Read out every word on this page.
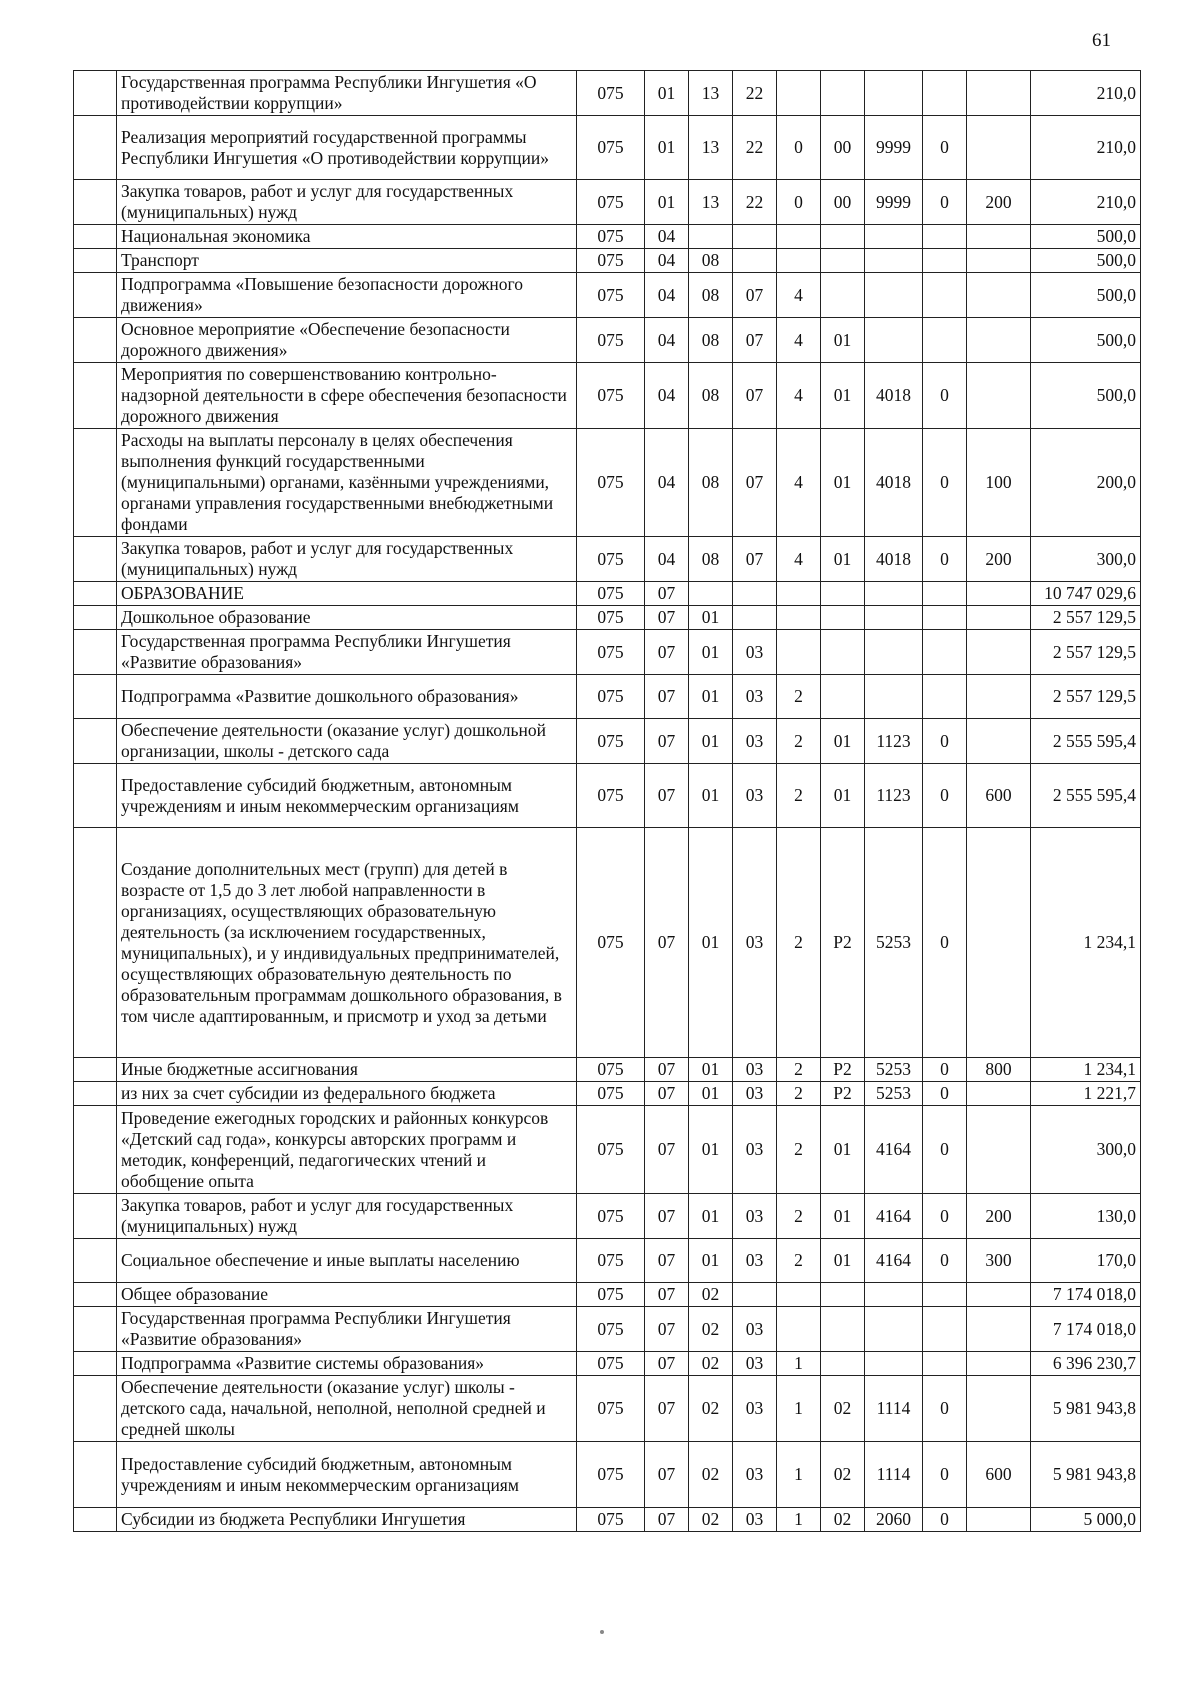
61
	Государственная программа Республики Ингушетия «О противодействии коррупции»	075	01	13	22						210,0
	Реализация мероприятий государственной программы Республики Ингушетия «О противодействии коррупции»	075	01	13	22	0	00	9999	0		210,0
	Закупка товаров, работ и услуг для государственных (муниципальных) нужд	075	01	13	22	0	00	9999	0	200	210,0
	Национальная экономика	075	04								500,0
	Транспорт	075	04	08							500,0
	Подпрограмма «Повышение безопасности дорожного движения»	075	04	08	07	4					500,0
	Основное мероприятие «Обеспечение безопасности дорожного движения»	075	04	08	07	4	01				500,0
	Мероприятия по совершенствованию контрольно-надзорной деятельности в сфере обеспечения безопасности дорожного движения	075	04	08	07	4	01	4018	0		500,0
	Расходы на выплаты персоналу в целях обеспечения выполнения функций государственными (муниципальными) органами, казёнными учреждениями, органами управления государственными внебюджетными фондами	075	04	08	07	4	01	4018	0	100	200,0
	Закупка товаров, работ и услуг для государственных (муниципальных) нужд	075	04	08	07	4	01	4018	0	200	300,0
	ОБРАЗОВАНИЕ	075	07								10 747 029,6
	Дошкольное образование	075	07	01							2 557 129,5
	Государственная программа Республики Ингушетия «Развитие образования»	075	07	01	03						2 557 129,5
	Подпрограмма «Развитие дошкольного образования»	075	07	01	03	2					2 557 129,5
	Обеспечение деятельности (оказание услуг) дошкольной организации, школы - детского сада	075	07	01	03	2	01	1123	0		2 555 595,4
	Предоставление субсидий бюджетным, автономным учреждениям и иным некоммерческим организациям	075	07	01	03	2	01	1123	0	600	2 555 595,4
	Создание дополнительных мест (групп) для детей в возрасте от 1,5 до 3 лет любой направленности в организациях, осуществляющих образовательную деятельность (за исключением государственных, муниципальных), и у индивидуальных предпринимателей, осуществляющих образовательную деятельность по образовательным программам дошкольного образования, в том числе адаптированным, и присмотр и уход за детьми	075	07	01	03	2	P2	5253	0		1 234,1
	Иные бюджетные ассигнования	075	07	01	03	2	P2	5253	0	800	1 234,1
	из них за счет субсидии из федерального бюджета	075	07	01	03	2	P2	5253	0		1 221,7
	Проведение ежегодных городских и районных конкурсов «Детский сад года», конкурсы авторских программ и методик, конференций, педагогических чтений и обобщение опыта	075	07	01	03	2	01	4164	0		300,0
	Закупка товаров, работ и услуг для государственных (муниципальных) нужд	075	07	01	03	2	01	4164	0	200	130,0
	Социальное обеспечение и иные выплаты населению	075	07	01	03	2	01	4164	0	300	170,0
	Общее образование	075	07	02							7 174 018,0
	Государственная программа Республики Ингушетия «Развитие образования»	075	07	02	03						7 174 018,0
	Подпрограмма «Развитие системы образования»	075	07	02	03	1					6 396 230,7
	Обеспечение деятельности (оказание услуг) школы - детского сада, начальной, неполной, неполной средней и средней школы	075	07	02	03	1	02	1114	0		5 981 943,8
	Предоставление субсидий бюджетным, автономным учреждениям и иным некоммерческим организациям	075	07	02	03	1	02	1114	0	600	5 981 943,8
	Субсидии из бюджета Республики Ингушетия	075	07	02	03	1	02	2060	0		5 000,0
